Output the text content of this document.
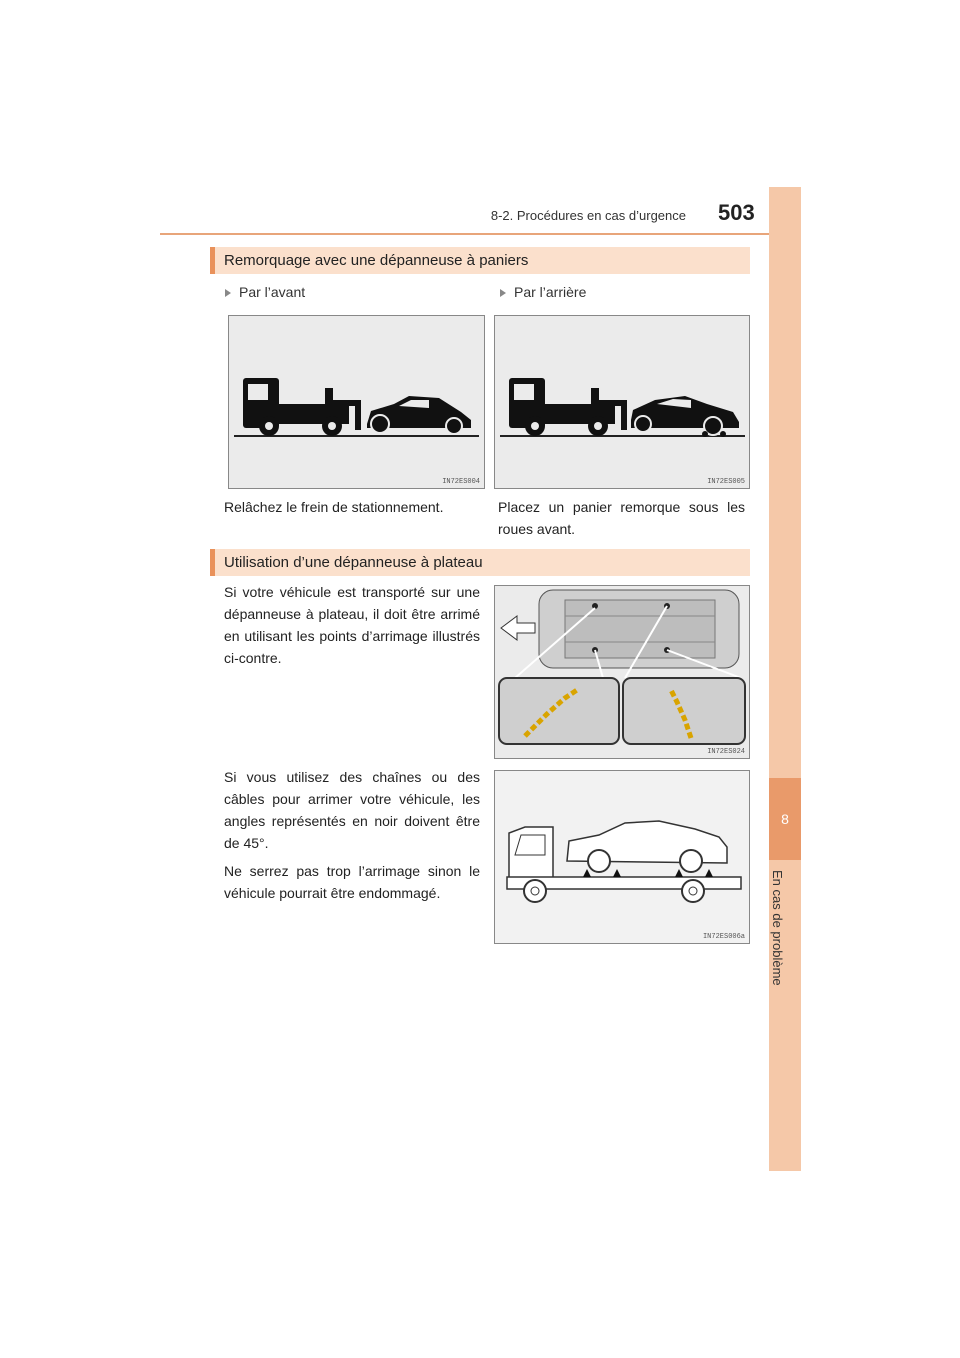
8-2. Procédures en cas d’urgence 503
8
En cas de problème
Remorquage avec une dépanneuse à paniers
Par l’avant	Par l’arrière
IN72ES004	IN72ES005
Relâchez le frein de stationnement.	Placez un panier remorque sous les roues avant.
Utilisation d’une dépanneuse à plateau
Si votre véhicule est transporté sur une dépanneuse à plateau, il doit être arrimé en utilisant les points d’arrimage illustrés ci-contre.
IN72ES024

Si vous utilisez des chaînes ou des câbles pour arrimer votre véhicule, les angles représentés en noir doivent être de 45°.

Ne serrez pas trop l’arrimage sinon le véhicule pourrait être endommagé.

IN72ES006a
